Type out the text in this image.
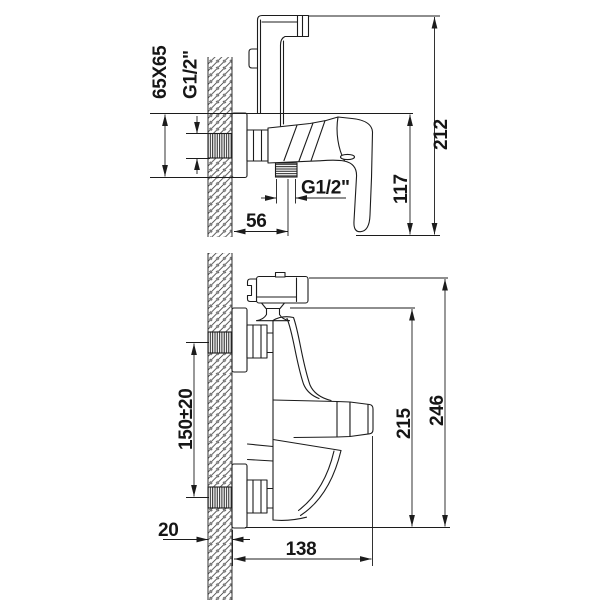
65X65 G1/2"
212
117
56
G1/2"
150±20
20
138
215 246
